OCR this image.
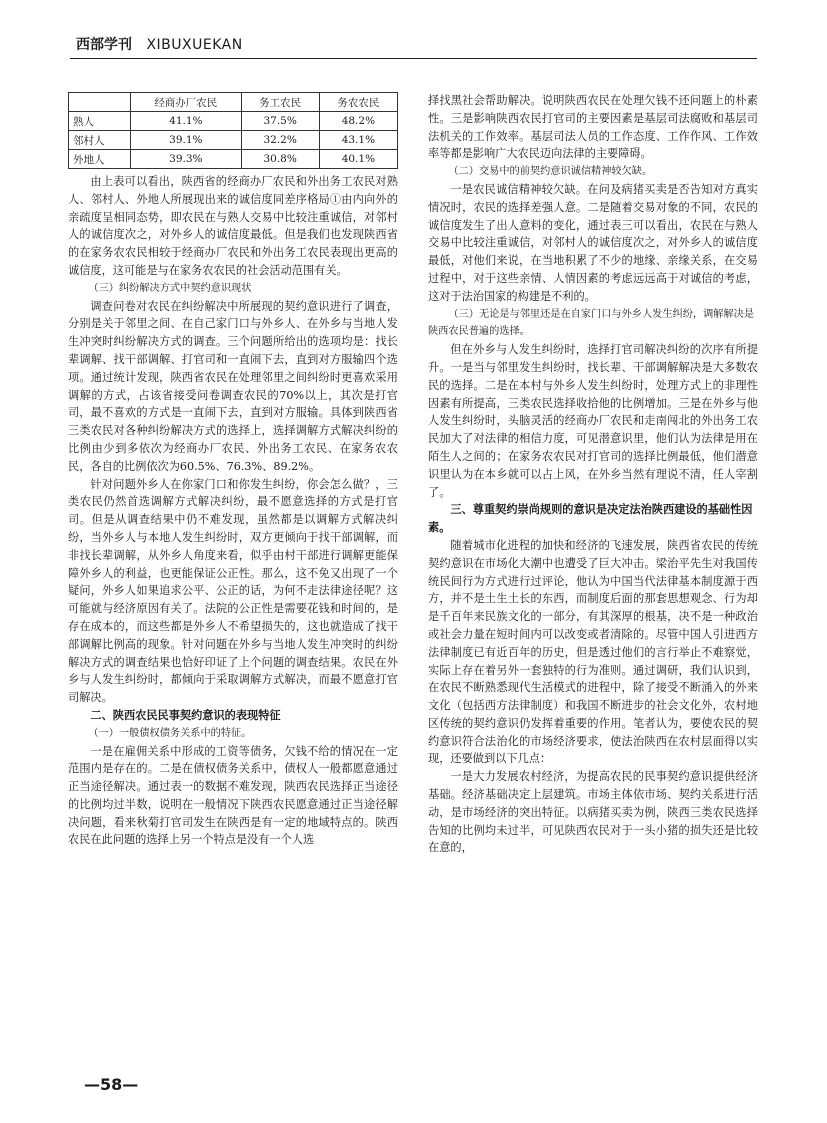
西部学刊 XIBUXUEKAN
	经商办厂农民	务工农民	务农农民
熟人	41.1%	37.5%	48.2%
邻村人	39.1%	32.2%	43.1%
外地人	39.3%	30.8%	40.1%

由上表可以看出，陕西省的经商办厂农民和外出务工农民对熟人、邻村人、外地人所展现出来的诚信度同差序格局①由内向外的亲疏度呈相同态势，即农民在与熟人交易中比较注重诚信，对邻村人的诚信度次之，对外乡人的诚信度最低。但是我们也发现陕西省的在家务农农民相较于经商办厂农民和外出务工农民表现出更高的诚信度，这可能是与在家务农农民的社会活动范围有关。

（三）纠纷解决方式中契约意识现状

调查问卷对农民在纠纷解决中所展现的契约意识进行了调查，分别是关于邻里之间、在自己家门口与外乡人、在外乡与当地人发生冲突时纠纷解决方式的调查。三个问题所给出的选项均是：找长辈调解、找干部调解、打官司和一直闹下去，直到对方服输四个选项。通过统计发现，陕西省农民在处理邻里之间纠纷时更喜欢采用调解的方式，占该省接受问卷调查农民的70%以上，其次是打官司，最不喜欢的方式是一直闹下去，直到对方服输。具体到陕西省三类农民对各种纠纷解决方式的选择上，选择调解方式解决纠纷的比例由少到多依次为经商办厂农民、外出务工农民、在家务农农民，各自的比例依次为60.5%、76.3%、89.2%。

针对问题外乡人在你家门口和你发生纠纷，你会怎么做？，三类农民仍然首选调解方式解决纠纷，最不愿意选择的方式是打官司。但是从调查结果中仍不难发现，虽然都是以调解方式解决纠纷，当外乡人与本地人发生纠纷时，双方更倾向于找干部调解，而非找长辈调解，从外乡人角度来看，似乎由村干部进行调解更能保障外乡人的利益，也更能保证公正性。那么，这不免又出现了一个疑问，外乡人如果追求公平、公正的话，为何不走法律途径呢？这可能就与经济原因有关了。法院的公正性是需要花钱和时间的，是存在成本的，而这些都是外乡人不希望损失的，这也就造成了找干部调解比例高的现象。针对问题在外乡与当地人发生冲突时的纠纷解决方式的调查结果也恰好印证了上个问题的调查结果。农民在外乡与人发生纠纷时，都倾向于采取调解方式解决，而最不愿意打官司解决。

二、陕西农民民事契约意识的表现特征
（一）一般债权债务关系中的特征。

一是在雇佣关系中形成的工资等债务，欠钱不给的情况在一定范围内是存在的。二是在债权债务关系中，债权人一般都愿意通过正当途径解决。通过表一的数据不难发现，陕西农民选择正当途径的比例均过半数，说明在一般情况下陕西农民愿意通过正当途径解决问题，看来秋菊打官司发生在陕西是有一定的地域特点的。陕西农民在此问题的选择上另一个特点是没有一个人选

择找黑社会帮助解决。说明陕西农民在处理欠钱不还问题上的朴素性。三是影响陕西农民打官司的主要因素是基层司法腐败和基层司法机关的工作效率。基层司法人员的工作态度、工作作风、工作效率等都是影响广大农民迈向法律的主要障碍。

（二）交易中的前契约意识诚信精神较欠缺。

一是农民诚信精神较欠缺。在问及病猪买卖是否告知对方真实情况时，农民的选择差强人意。二是随着交易对象的不同，农民的诚信度发生了出人意料的变化，通过表三可以看出，农民在与熟人交易中比较注重诚信，对邻村人的诚信度次之，对外乡人的诚信度最低，对他们来说，在当地积累了不少的地缘、亲缘关系，在交易过程中，对于这些亲情、人情因素的考虑远远高于对诚信的考虑，这对于法治国家的构建是不利的。

（三）无论是与邻里还是在自家门口与外乡人发生纠纷，调解解决是陕西农民普遍的选择。

但在外乡与人发生纠纷时，选择打官司解决纠纷的次序有所提升。一是当与邻里发生纠纷时，找长辈、干部调解解决是大多数农民的选择。二是在本村与外乡人发生纠纷时，处理方式上的非理性因素有所提高，三类农民选择收拾他的比例增加。三是在外乡与他人发生纠纷时，头脑灵活的经商办厂农民和走南闯北的外出务工农民加大了对法律的相信力度，可见潜意识里，他们认为法律是用在陌生人之间的；在家务农农民对打官司的选择比例最低，他们潜意识里认为在本乡就可以占上风，在外乡当然有理说不清，任人宰割了。

三、尊重契约崇尚规则的意识是决定法治陕西建设的基础性因素。

随着城市化进程的加快和经济的飞速发展，陕西省农民的传统契约意识在市场化大潮中也遭受了巨大冲击。梁治平先生对我国传统民间行为方式进行过评论，他认为中国当代法律基本制度源于西方，并不是土生土长的东西，而制度后面的那套思想观念、行为却是千百年来民族文化的一部分，有其深厚的根基，决不是一种政治或社会力量在短时间内可以改变或者清除的。尽管中国人引进西方法律制度已有近百年的历史，但是透过他们的言行举止不难察觉，实际上存在着另外一套独特的行为准则。通过调研，我们认识到，在农民不断熟悉现代生活模式的进程中，除了接受不断涌入的外来文化（包括西方法律制度）和我国不断进步的社会文化外，农村地区传统的契约意识仍发挥着重要的作用。笔者认为，要使农民的契约意识符合法治化的市场经济要求，使法治陕西在农村层面得以实现，还要做到以下几点：

一是大力发展农村经济，为提高农民的民事契约意识提供经济基础。经济基础决定上层建筑。市场主体依市场、契约关系进行活动，是市场经济的突出特征。以病猪买卖为例，陕西三类农民选择告知的比例均未过半，可见陕西农民对于一头小猪的损失还是比较在意的，

—58—
